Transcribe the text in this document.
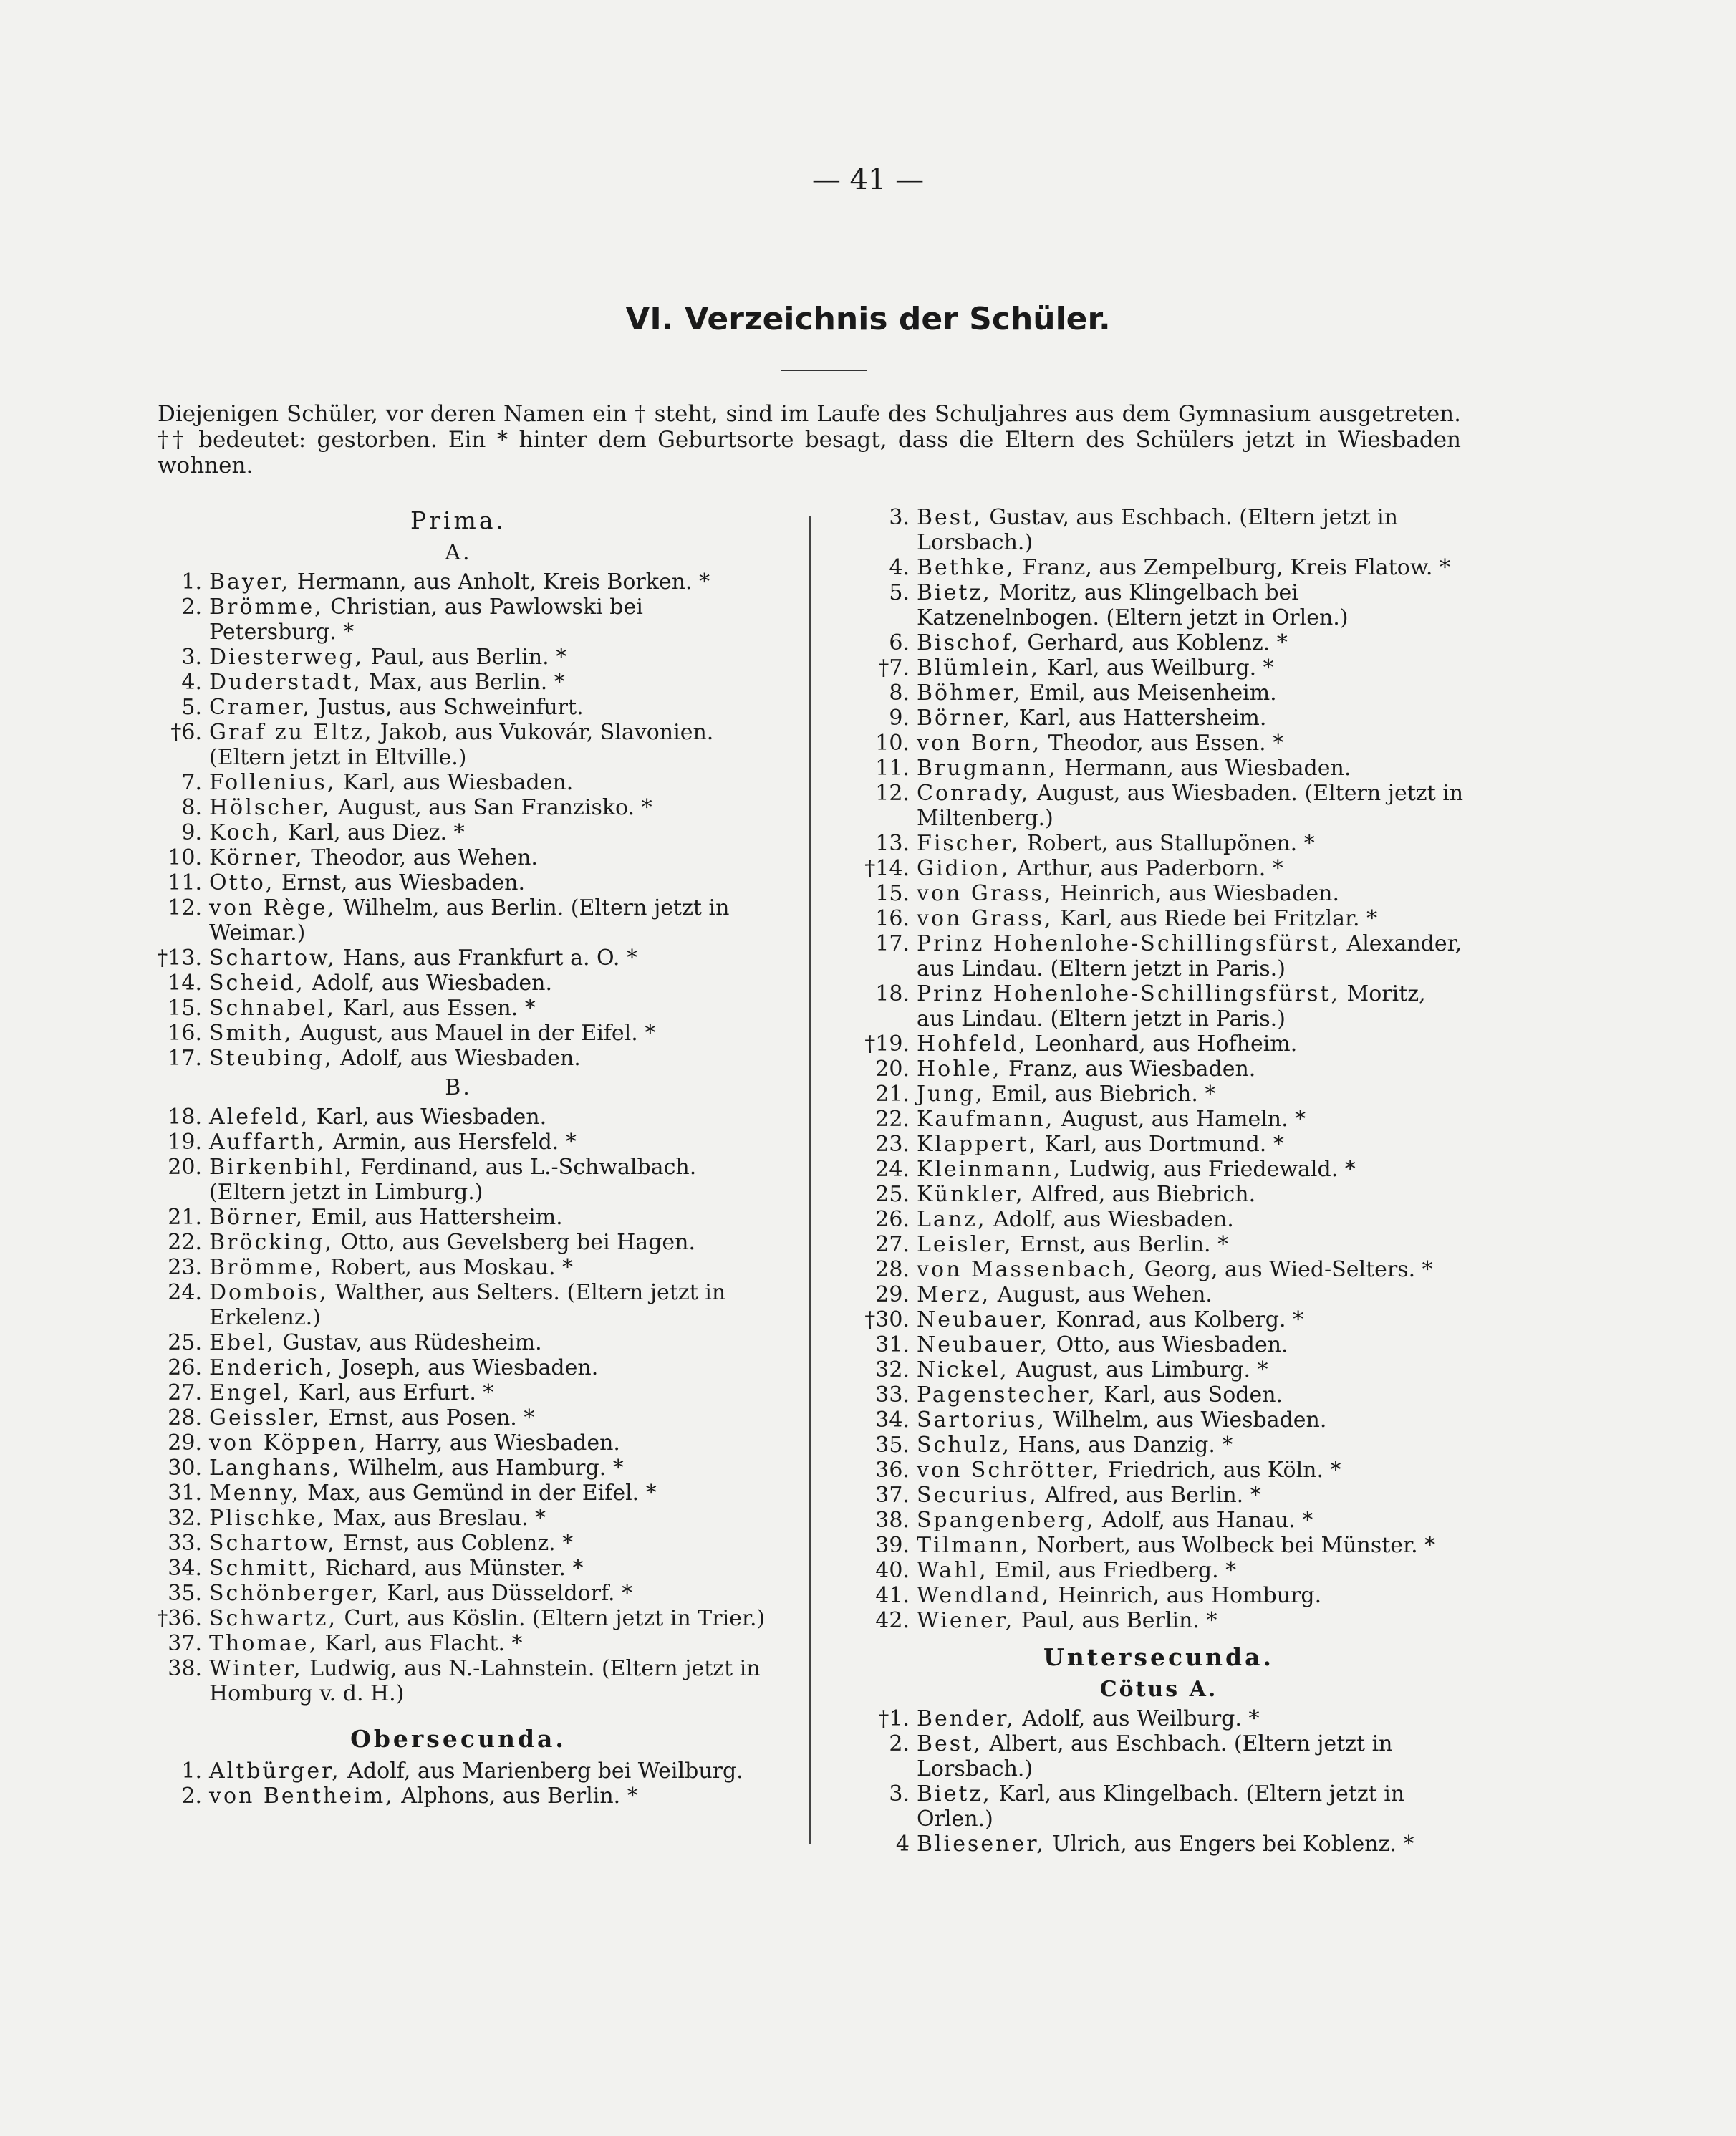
— 41 —
VI. Verzeichnis der Schüler.
Diejenigen Schüler, vor deren Namen ein † steht, sind im Laufe des Schuljahres aus dem Gymnasium ausgetreten. †† bedeutet: gestorben. Ein * hinter dem Geburtsorte besagt, dass die Eltern des Schülers jetzt in Wiesbaden wohnen.
Prima.
A.
1. Bayer, Hermann, aus Anholt, Kreis Borken. *
2. Brömme, Christian, aus Pawlowski bei Petersburg. *
3. Diesterweg, Paul, aus Berlin. *
4. Duderstadt, Max, aus Berlin. *
5. Cramer, Justus, aus Schweinfurt.
†6. Graf zu Eltz, Jakob, aus Vukovár, Slavonien. (Eltern jetzt in Eltville.)
7. Follenius, Karl, aus Wiesbaden.
8. Hölscher, August, aus San Franzisko. *
9. Koch, Karl, aus Diez. *
10. Körner, Theodor, aus Wehen.
11. Otto, Ernst, aus Wiesbaden.
12. von Rège, Wilhelm, aus Berlin. (Eltern jetzt in Weimar.)
†13. Schartow, Hans, aus Frankfurt a. O. *
14. Scheid, Adolf, aus Wiesbaden.
15. Schnabel, Karl, aus Essen. *
16. Smith, August, aus Mauel in der Eifel. *
17. Steubing, Adolf, aus Wiesbaden.
B.
18. Alefeld, Karl, aus Wiesbaden.
19. Auffarth, Armin, aus Hersfeld. *
20. Birkenbihl, Ferdinand, aus L.-Schwalbach. (Eltern jetzt in Limburg.)
21. Börner, Emil, aus Hattersheim.
22. Bröcking, Otto, aus Gevelsberg bei Hagen.
23. Brömme, Robert, aus Moskau. *
24. Dombois, Walther, aus Selters. (Eltern jetzt in Erkelenz.)
25. Ebel, Gustav, aus Rüdesheim.
26. Enderich, Joseph, aus Wiesbaden.
27. Engel, Karl, aus Erfurt. *
28. Geissler, Ernst, aus Posen. *
29. von Köppen, Harry, aus Wiesbaden.
30. Langhans, Wilhelm, aus Hamburg. *
31. Menny, Max, aus Gemünd in der Eifel. *
32. Plischke, Max, aus Breslau. *
33. Schartow, Ernst, aus Coblenz. *
34. Schmitt, Richard, aus Münster. *
35. Schönberger, Karl, aus Düsseldorf. *
†36. Schwartz, Curt, aus Köslin. (Eltern jetzt in Trier.)
37. Thomae, Karl, aus Flacht. *
38. Winter, Ludwig, aus N.-Lahnstein. (Eltern jetzt in Homburg v. d. H.)
Obersecunda.
1. Altbürger, Adolf, aus Marienberg bei Weilburg.
2. von Bentheim, Alphons, aus Berlin. *
3. Best, Gustav, aus Eschbach. (Eltern jetzt in Lorsbach.)
4. Bethke, Franz, aus Zempelburg, Kreis Flatow. *
5. Bietz, Moritz, aus Klingelbach bei Katzenelnbogen. (Eltern jetzt in Orlen.)
6. Bischof, Gerhard, aus Koblenz. *
†7. Blümlein, Karl, aus Weilburg. *
8. Böhmer, Emil, aus Meisenheim.
9. Börner, Karl, aus Hattersheim.
10. von Born, Theodor, aus Essen. *
11. Brugmann, Hermann, aus Wiesbaden.
12. Conrady, August, aus Wiesbaden. (Eltern jetzt in Miltenberg.)
13. Fischer, Robert, aus Stallupönen. *
†14. Gidion, Arthur, aus Paderborn. *
15. von Grass, Heinrich, aus Wiesbaden.
16. von Grass, Karl, aus Riede bei Fritzlar. *
17. Prinz Hohenlohe-Schillingsfürst, Alexander, aus Lindau. (Eltern jetzt in Paris.)
18. Prinz Hohenlohe-Schillingsfürst, Moritz, aus Lindau. (Eltern jetzt in Paris.)
†19. Hohfeld, Leonhard, aus Hofheim.
20. Hohle, Franz, aus Wiesbaden.
21. Jung, Emil, aus Biebrich. *
22. Kaufmann, August, aus Hameln. *
23. Klappert, Karl, aus Dortmund. *
24. Kleinmann, Ludwig, aus Friedewald. *
25. Künkler, Alfred, aus Biebrich.
26. Lanz, Adolf, aus Wiesbaden.
27. Leisler, Ernst, aus Berlin. *
28. von Massenbach, Georg, aus Wied-Selters. *
29. Merz, August, aus Wehen.
†30. Neubauer, Konrad, aus Kolberg. *
31. Neubauer, Otto, aus Wiesbaden.
32. Nickel, August, aus Limburg. *
33. Pagenstecher, Karl, aus Soden.
34. Sartorius, Wilhelm, aus Wiesbaden.
35. Schulz, Hans, aus Danzig. *
36. von Schrötter, Friedrich, aus Köln. *
37. Securius, Alfred, aus Berlin. *
38. Spangenberg, Adolf, aus Hanau. *
39. Tilmann, Norbert, aus Wolbeck bei Münster. *
40. Wahl, Emil, aus Friedberg. *
41. Wendland, Heinrich, aus Homburg.
42. Wiener, Paul, aus Berlin. *
Untersecunda.
Cötus A.
†1. Bender, Adolf, aus Weilburg. *
2. Best, Albert, aus Eschbach. (Eltern jetzt in Lorsbach.)
3. Bietz, Karl, aus Klingelbach. (Eltern jetzt in Orlen.)
4 Bliesener, Ulrich, aus Engers bei Koblenz. *
